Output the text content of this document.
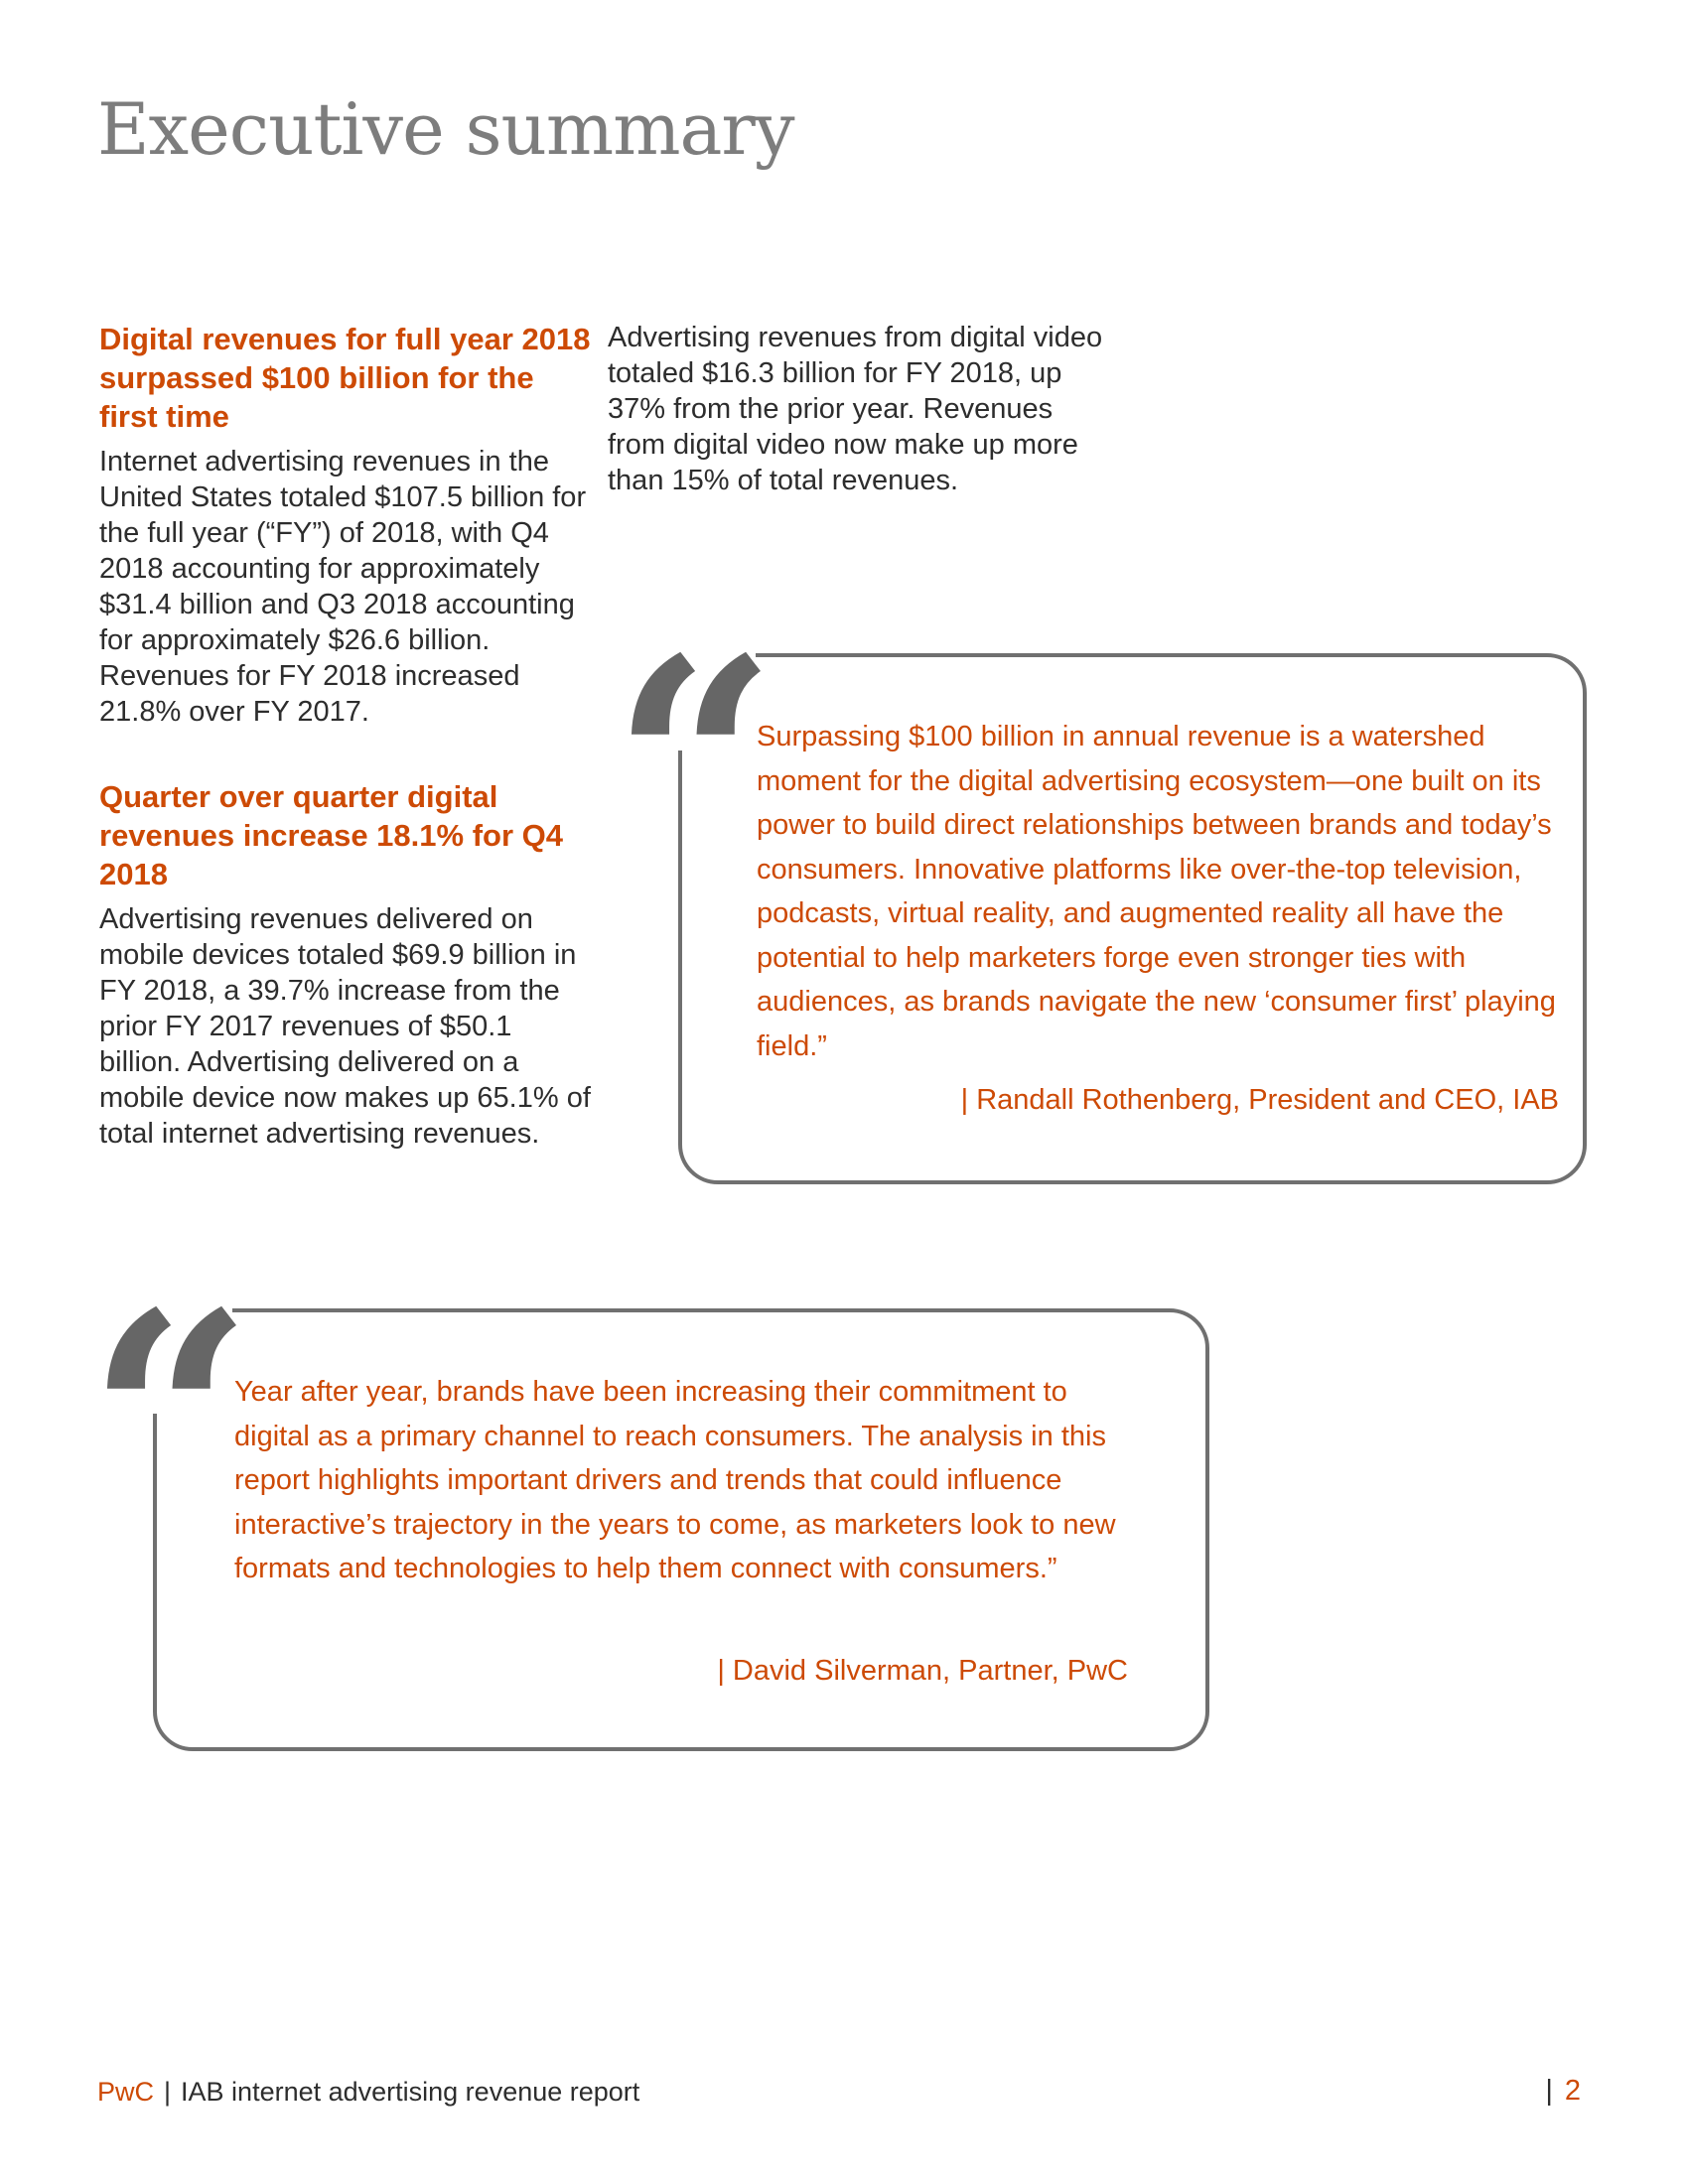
Executive summary
Digital revenues for full year 2018 surpassed $100 billion for the first time

Internet advertising revenues in the United States totaled $107.5 billion for the full year (“FY”) of 2018, with Q4 2018 accounting for approximately $31.4 billion and Q3 2018 accounting for approximately $26.6 billion. Revenues for FY 2018 increased 21.8% over FY 2017.

Quarter over quarter digital revenues increase 18.1% for Q4 2018

Advertising revenues delivered on mobile devices totaled $69.9 billion in FY 2018, a 39.7% increase from the prior FY 2017 revenues of $50.1 billion. Advertising delivered on a mobile device now makes up 65.1% of total internet advertising revenues.

Advertising revenues from digital video totaled $16.3 billion for FY 2018, up 37% from the prior year. Revenues from digital video now make up more than 15% of total revenues.

“

Surpassing $100 billion in annual revenue is a watershed moment for the digital advertising ecosystem—one built on its power to build direct relationships between brands and today’s consumers. Innovative platforms like over-the-top television, podcasts, virtual reality, and augmented reality all have the potential to help marketers forge even stronger ties with audiences, as brands navigate the new ‘consumer first’ playing field.”

| Randall Rothenberg, President and CEO, IAB

“

Year after year, brands have been increasing their commitment to digital as a primary channel to reach consumers. The analysis in this report highlights important drivers and trends that could influence interactive’s trajectory in the years to come, as marketers look to new formats and technologies to help them connect with consumers.”

| David Silverman, Partner, PwC

PwC | IAB internet advertising revenue report	| 2
